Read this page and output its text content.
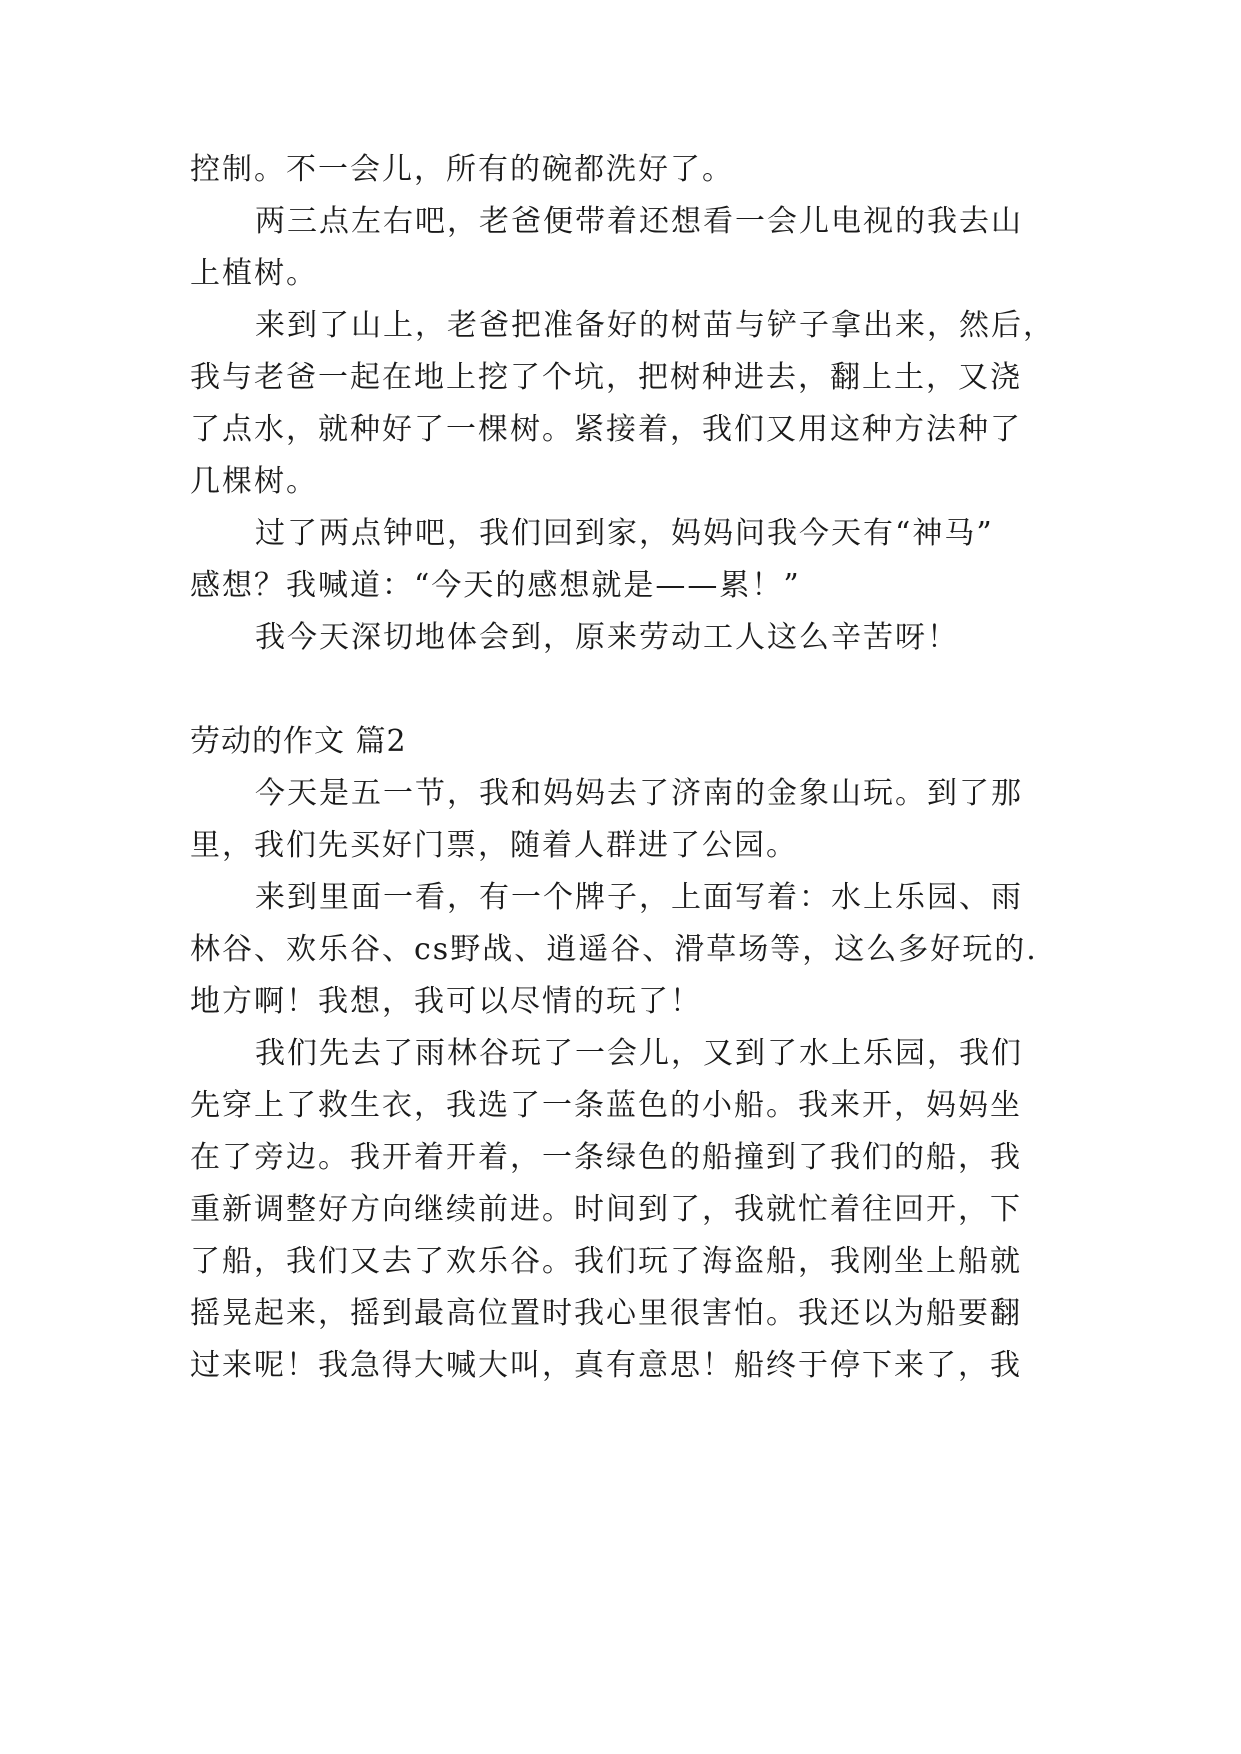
控制。不一会儿，所有的碗都洗好了。
两三点左右吧，老爸便带着还想看一会儿电视的我去山
上植树。
来到了山上，老爸把准备好的树苗与铲子拿出来，然后，
我与老爸一起在地上挖了个坑，把树种进去，翻上土，又浇
了点水，就种好了一棵树。紧接着，我们又用这种方法种了
几棵树。
过了两点钟吧，我们回到家，妈妈问我今天有“神马”
感想？我喊道：“今天的感想就是——累！”
我今天深切地体会到，原来劳动工人这么辛苦呀！
劳动的作文 篇2
今天是五一节，我和妈妈去了济南的金象山玩。到了那
里，我们先买好门票，随着人群进了公园。
来到里面一看，有一个牌子，上面写着：水上乐园、雨
林谷、欢乐谷、cs野战、逍遥谷、滑草场等，这么多好玩的.
地方啊！我想，我可以尽情的玩了！
我们先去了雨林谷玩了一会儿，又到了水上乐园，我们
先穿上了救生衣，我选了一条蓝色的小船。我来开，妈妈坐
在了旁边。我开着开着，一条绿色的船撞到了我们的船，我
重新调整好方向继续前进。时间到了，我就忙着往回开，下
了船，我们又去了欢乐谷。我们玩了海盗船，我刚坐上船就
摇晃起来，摇到最高位置时我心里很害怕。我还以为船要翻
过来呢！我急得大喊大叫，真有意思！船终于停下来了，我
